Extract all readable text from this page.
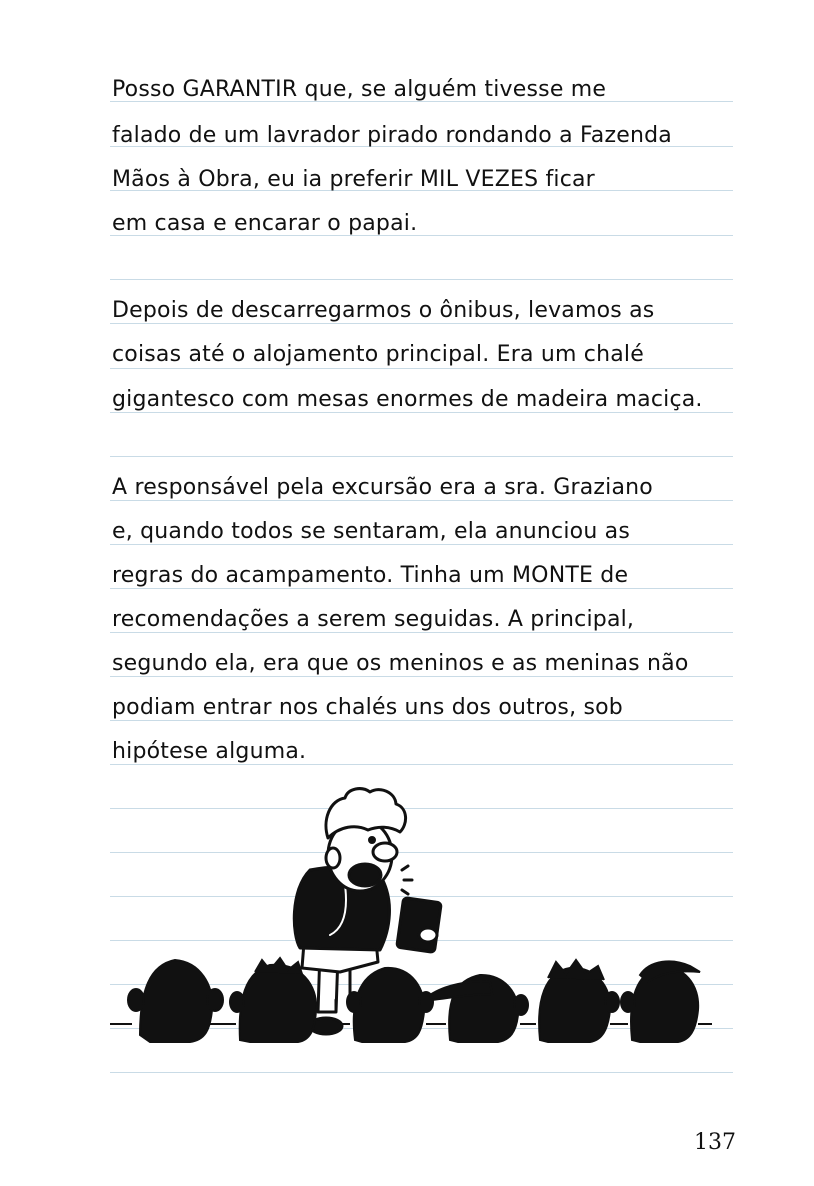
Posso GARANTIR que, se alguém tivesse me
falado de um lavrador pirado rondando a Fazenda
Mãos à Obra, eu ia preferir MIL VEZES ficar
em casa e encarar o papai.
Depois de descarregarmos o ônibus, levamos as
coisas até o alojamento principal. Era um chalé
gigantesco com mesas enormes de madeira maciça.
A responsável pela excursão era a sra. Graziano
e, quando todos se sentaram, ela anunciou as
regras do acampamento. Tinha um MONTE de
recomendações a serem seguidas. A principal,
segundo ela, era que os meninos e as meninas não
podiam entrar nos chalés uns dos outros, sob
hipótese alguma.
137
